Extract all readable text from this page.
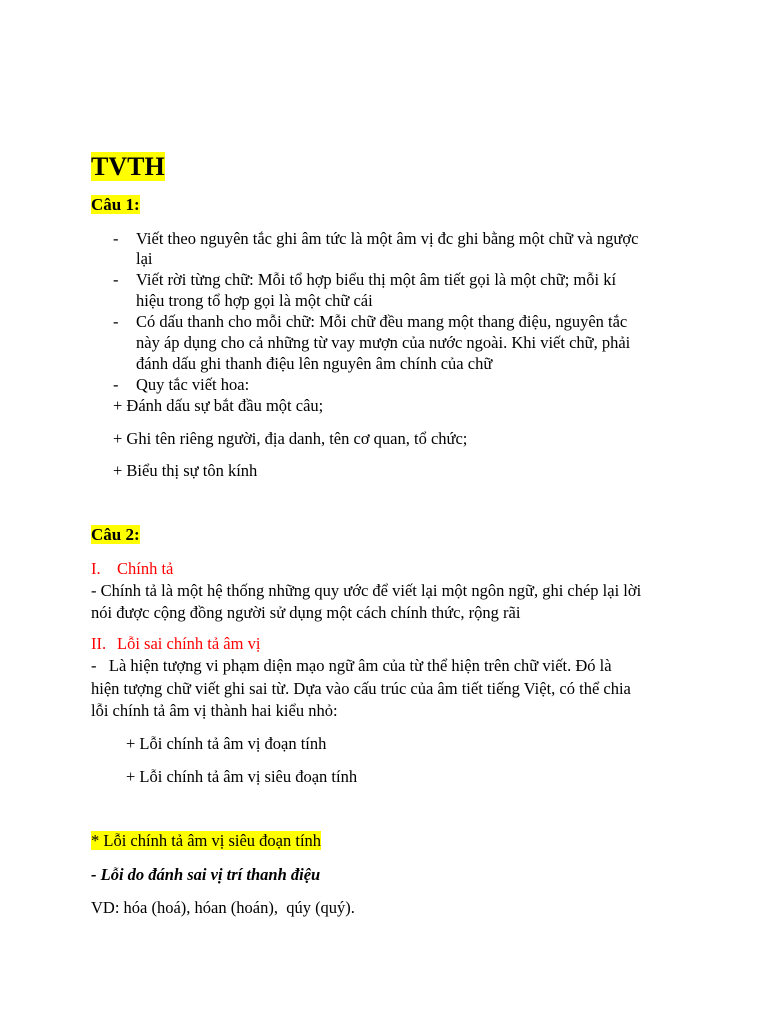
TVTH
Câu 1:
- Viết theo nguyên tắc ghi âm tức là một âm vị đc ghi bằng một chữ và ngược
lại
- Viết rời từng chữ: Mỗi tổ hợp biểu thị một âm tiết gọi là một chữ; mỗi kí
hiệu trong tổ hợp gọi là một chữ cái
- Có dấu thanh cho mỗi chữ: Mỗi chữ đều mang một thang điệu, nguyên tắc
này áp dụng cho cả những từ vay mượn của nước ngoài. Khi viết chữ, phải
đánh dấu ghi thanh điệu lên nguyên âm chính của chữ
- Quy tắc viết hoa:
+ Đánh dấu sự bắt đầu một câu;
+ Ghi tên riêng người, địa danh, tên cơ quan, tổ chức;
+ Biểu thị sự tôn kính
Câu 2:
I. Chính tả
- Chính tả là một hệ thống những quy ước để viết lại một ngôn ngữ, ghi chép lại lời
nói được cộng đồng người sử dụng một cách chính thức, rộng rãi
II. Lỗi sai chính tả âm vị
-   Là hiện tượng vi phạm diện mạo ngữ âm của từ thể hiện trên chữ viết. Đó là
hiện tượng chữ viết ghi sai từ. Dựa vào cấu trúc của âm tiết tiếng Việt, có thể chia
lỗi chính tả âm vị thành hai kiểu nhỏ:
+ Lỗi chính tả âm vị đoạn tính
+ Lỗi chính tả âm vị siêu đoạn tính
* Lỗi chính tả âm vị siêu đoạn tính
- Lỗi do đánh sai vị trí thanh điệu
VD: hóa (hoá), hóan (hoán),  qúy (quý).
